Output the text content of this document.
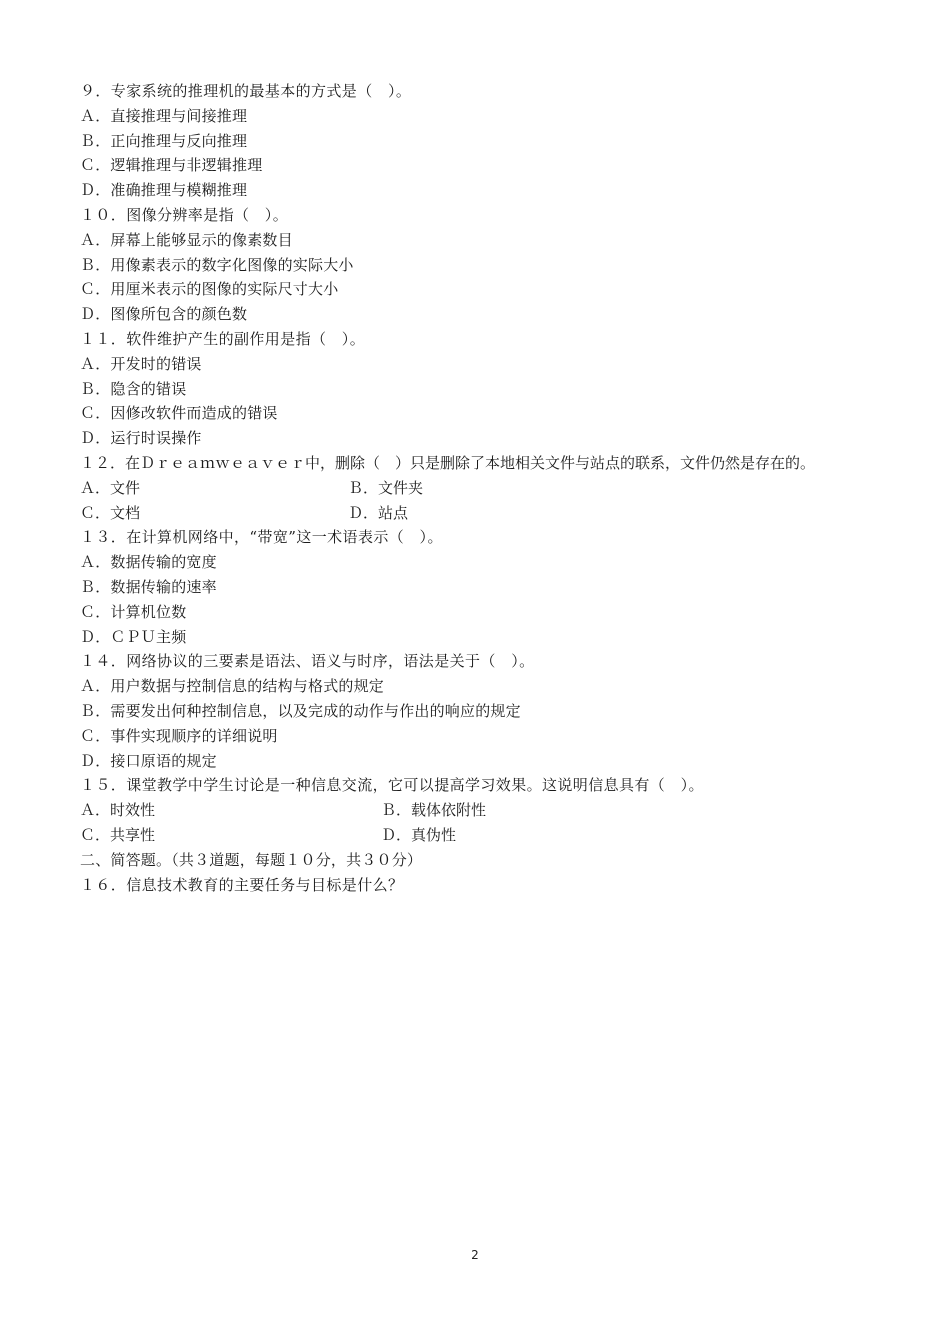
９．专家系统的推理机的最基本的方式是（　）。
Ａ．直接推理与间接推理
Ｂ．正向推理与反向推理
Ｃ．逻辑推理与非逻辑推理
Ｄ．准确推理与模糊推理
１０．图像分辨率是指（　）。
Ａ．屏幕上能够显示的像素数目
Ｂ．用像素表示的数字化图像的实际大小
Ｃ．用厘米表示的图像的实际尺寸大小
Ｄ．图像所包含的颜色数
１１．软件维护产生的副作用是指（　）。
Ａ．开发时的错误
Ｂ．隐含的错误
Ｃ．因修改软件而造成的错误
Ｄ．运行时误操作
１２．在Ｄｒｅａｍｗｅａｖｅｒ中，删除（　）只是删除了本地相关文件与站点的联系，文件仍然是存在的。
Ａ．文件	Ｂ．文件夹
Ｃ．文档	Ｄ．站点
１３．在计算机网络中，“带宽”这一术语表示（　）。
Ａ．数据传输的宽度
Ｂ．数据传输的速率
Ｃ．计算机位数
Ｄ．ＣＰＵ主频
１４．网络协议的三要素是语法、语义与时序，语法是关于（　）。
Ａ．用户数据与控制信息的结构与格式的规定
Ｂ．需要发出何种控制信息，以及完成的动作与作出的响应的规定
Ｃ．事件实现顺序的详细说明
Ｄ．接口原语的规定
１５．课堂教学中学生讨论是一种信息交流，它可以提高学习效果。这说明信息具有（　）。
Ａ．时效性	Ｂ．载体依附性
Ｃ．共享性	Ｄ．真伪性
二、简答题。（共３道题，每题１０分，共３０分）
１６．信息技术教育的主要任务与目标是什么？
2
